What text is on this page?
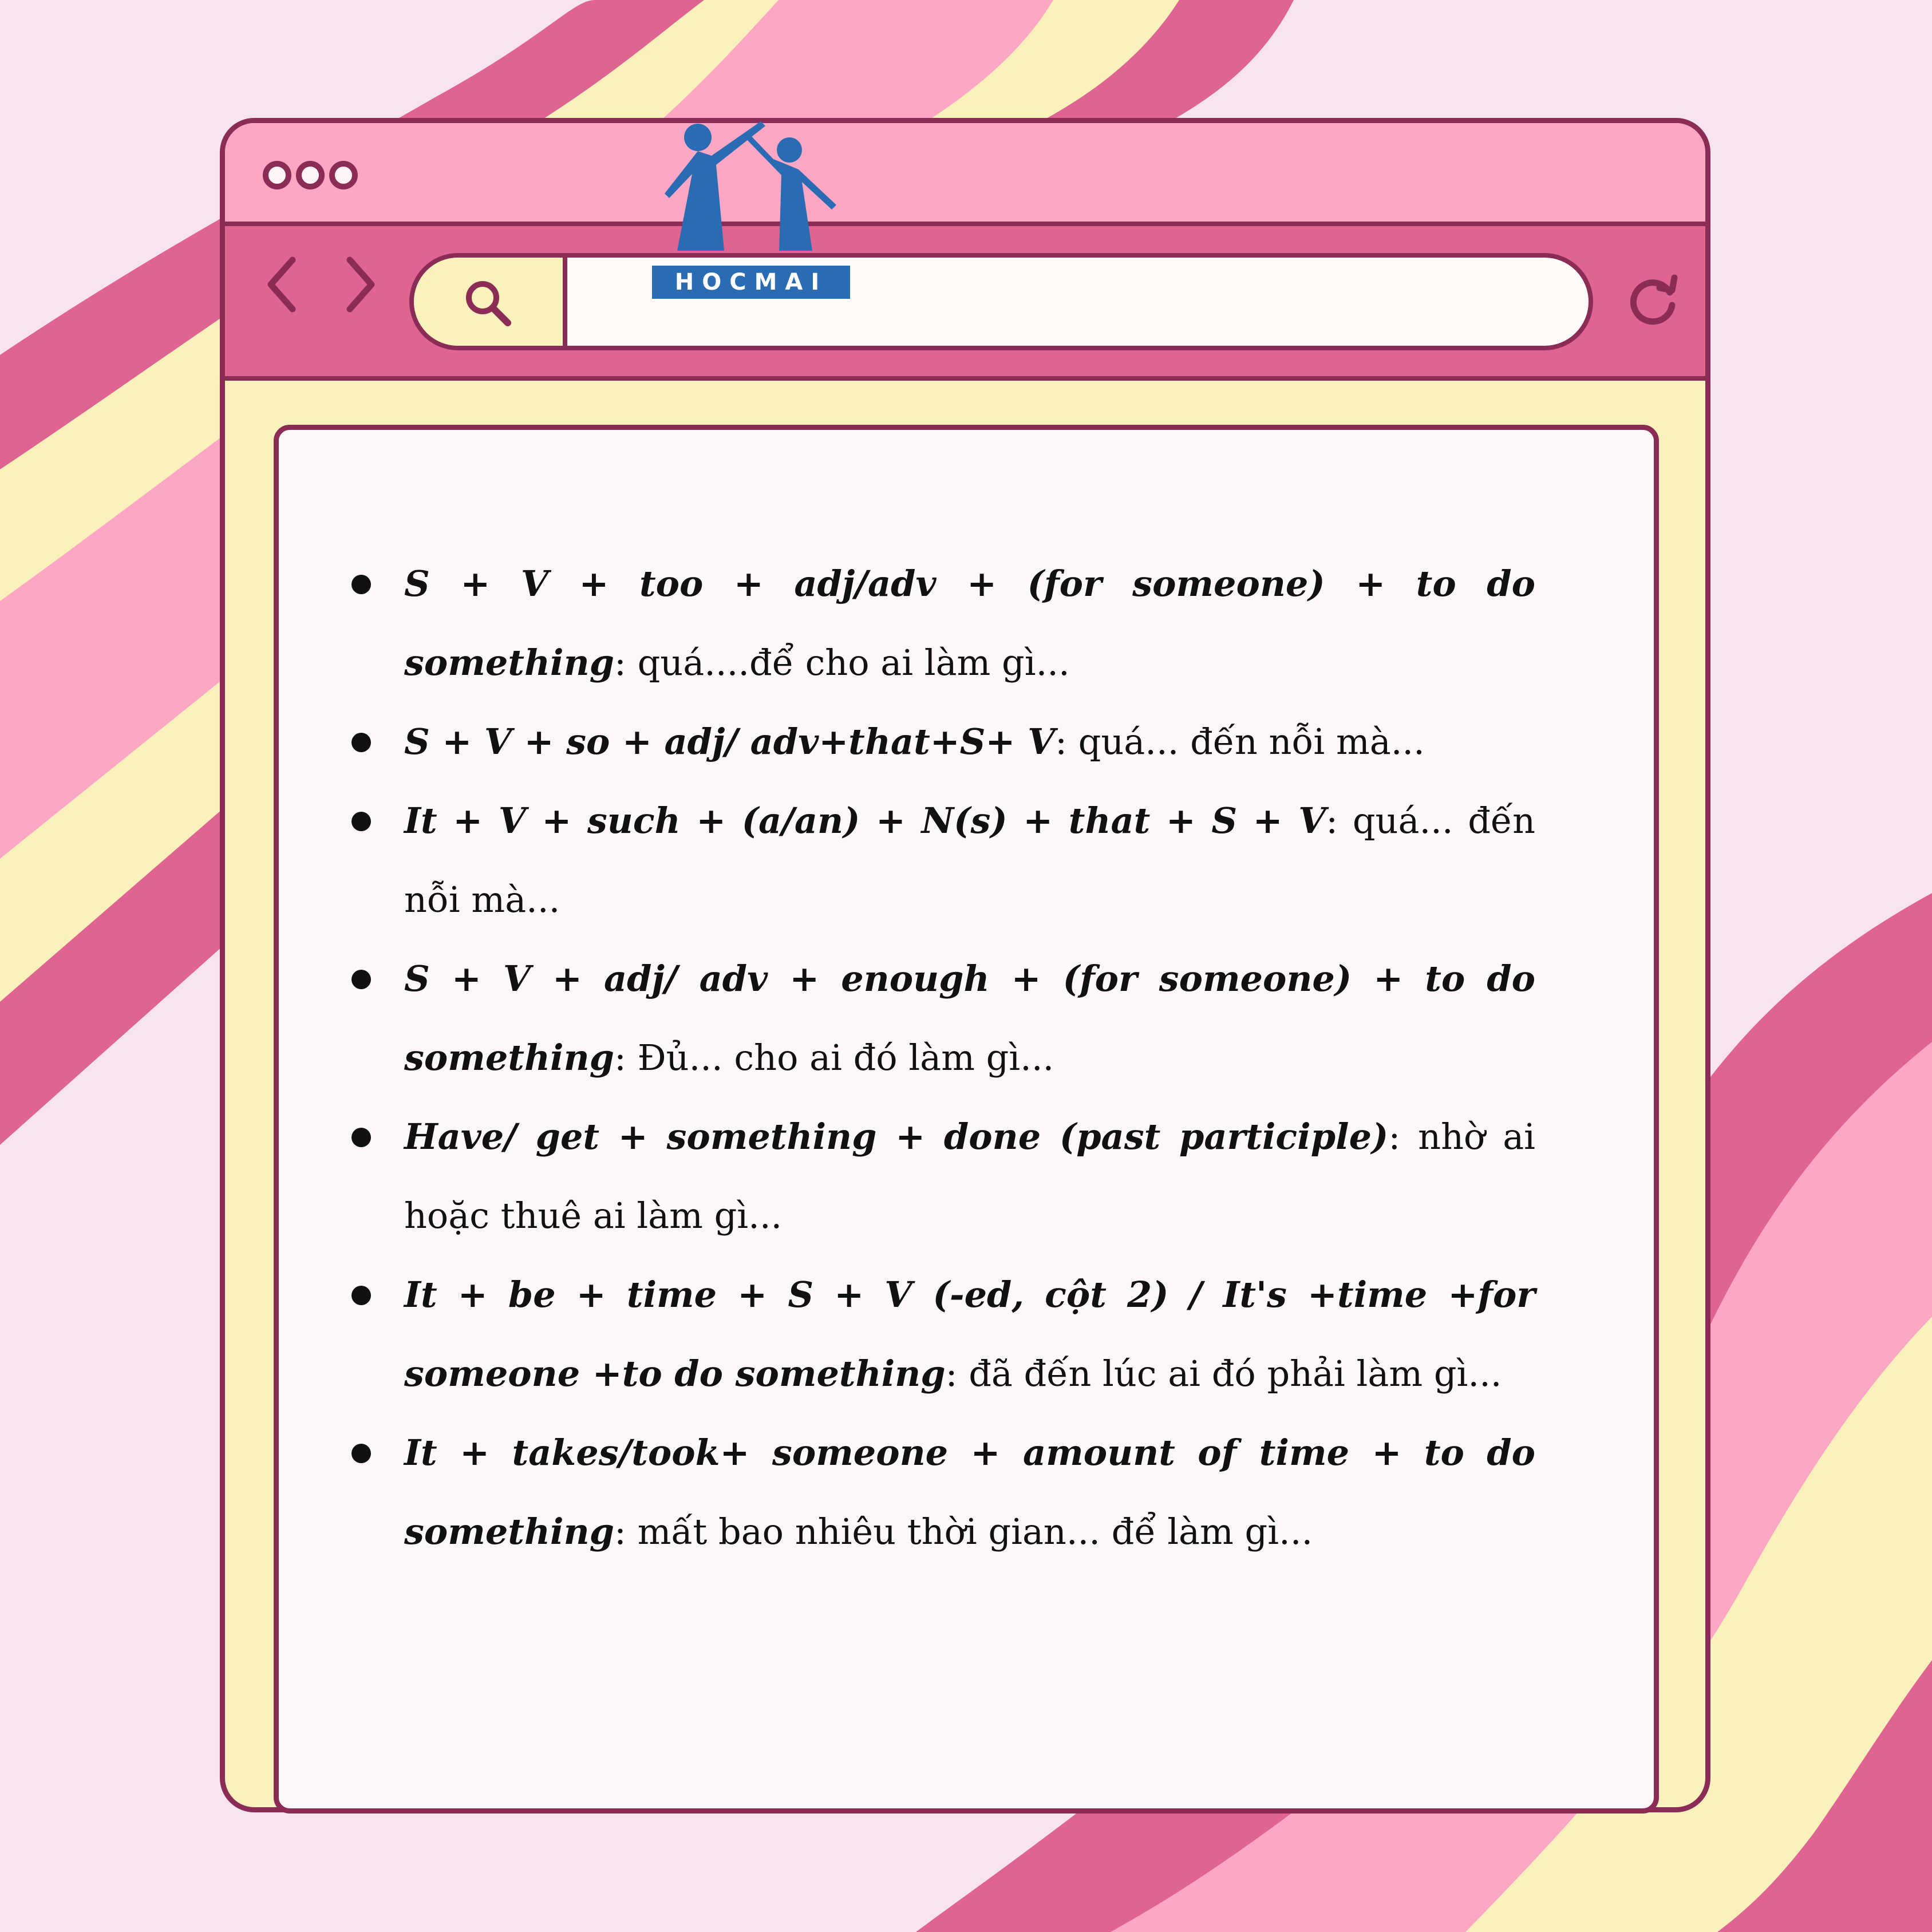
HOCMAI
S + V + too + adj/adv + (for someone) + to do something: quá....để cho ai làm gì...
S + V + so + adj/ adv+that+S+ V: quá... đến nỗi mà...
It + V + such + (a/an) + N(s) + that + S + V: quá... đến nỗi mà...
S + V + adj/ adv + enough + (for someone) + to do something: Đủ... cho ai đó làm gì...
Have/ get + something + done (past participle): nhờ ai hoặc thuê ai làm gì...
It + be + time + S + V (-ed, cột 2) / It's +time +for someone +to do something: đã đến lúc ai đó phải làm gì...
It + takes/took+ someone + amount of time + to do something: mất bao nhiêu thời gian... để làm gì...
